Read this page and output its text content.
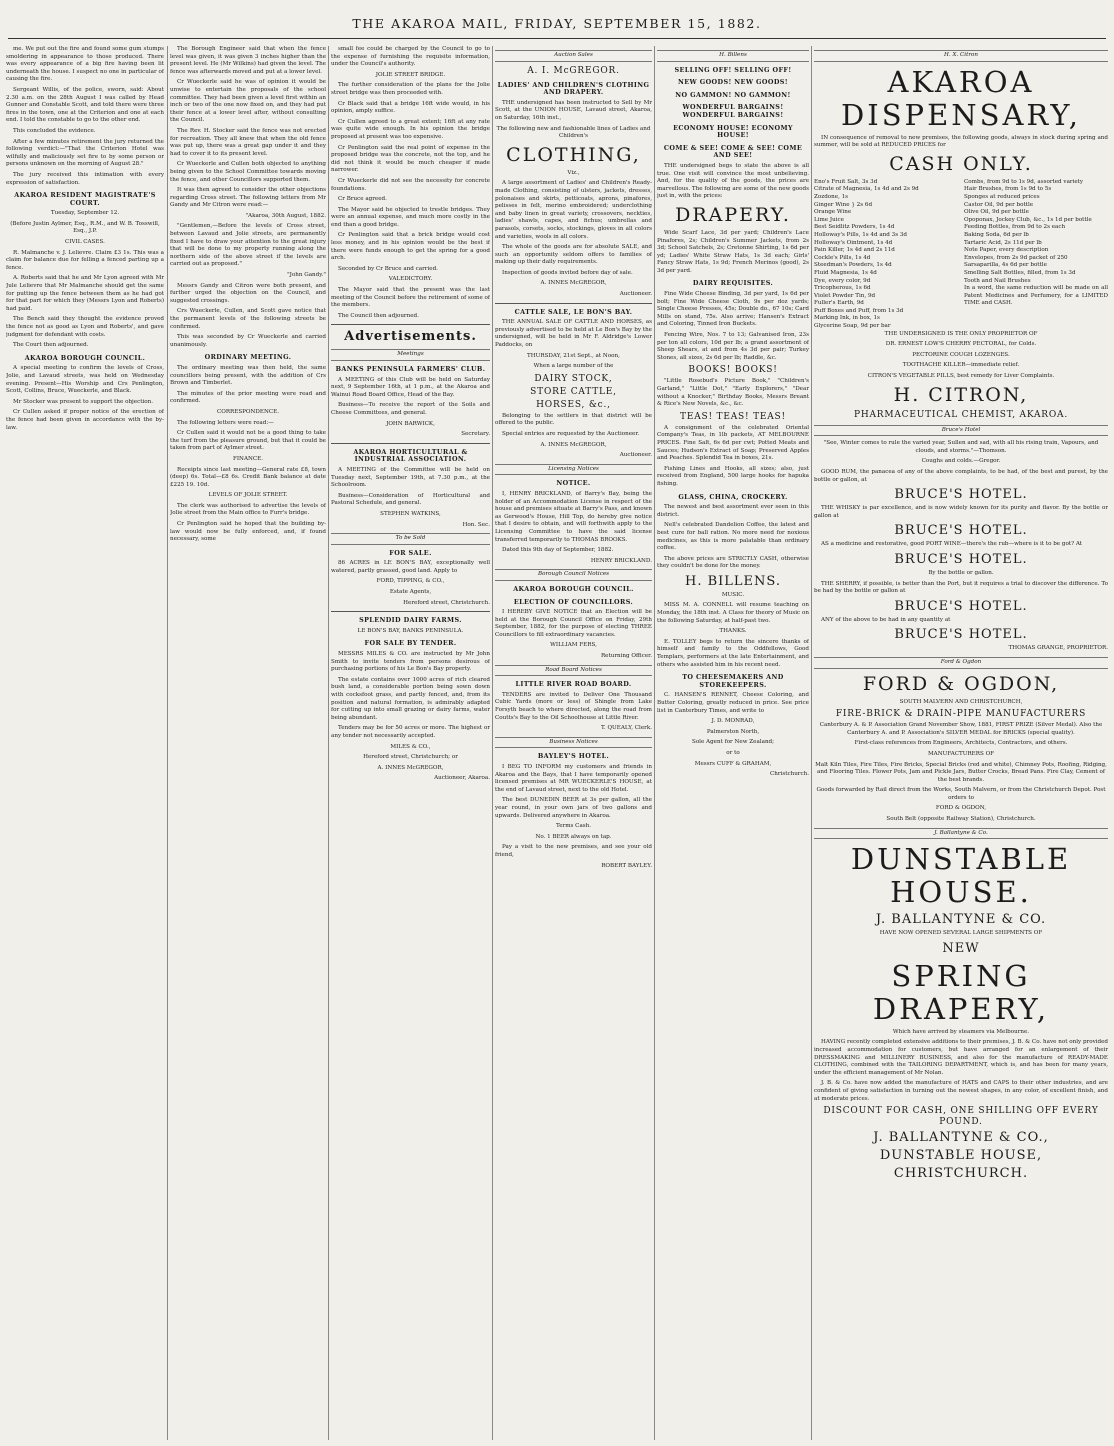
THE AKAROA MAIL, FRIDAY, SEPTEMBER 15, 1882.

me. We put out the fire and found some gum stumps smoldering in appearance to those produced. There was every appearance of a big fire having been lit underneath the house. I suspect no one in particular of causing the fire.

Sergeant Willis, of the police, sworn, said: About 2.30 a.m. on the 28th August I was called by Head Gunner and Constable Scott, and told there were three fires in the town, one at the Criterion and one at each end. I told the constable to go to the other end.

This concluded the evidence.

After a few minutes retirement the jury returned the following verdict:—"That the Criterion Hotel was wilfully and maliciously set fire to by some person or persons unknown on the morning of August 28."

The jury received this intimation with every expression of satisfaction.

AKAROA RESIDENT MAGISTRATE'S COURT.

Tuesday, September 12.

(Before Justin Aylmer, Esq., R.M., and W. B. Tosswill, Esq., J.P.

CIVIL CASES.

R. Malmanche v. J. Lelievre. Claim £3 1s. This was a claim for balance due for felling a fenced parting up a fence.

A. Roberts said that he and Mr Lyon agreed with Mr Jule Lelievre that Mr Malmanche should get the same for putting up the fence between them as he had got for that part for which they (Messrs Lyon and Roberts) had paid.

The Bench said they thought the evidence proved the fence not as good as Lyon and Roberts', and gave judgment for defendant with costs.

The Court then adjourned.

AKAROA BOROUGH COUNCIL.

A special meeting to confirm the levels of Cross, Jolie, and Lavaud streets, was held on Wednesday evening. Present—His Worship and Crs Penlington, Scott, Collins, Bruce, Wueckerle, and Black.

Mr Stocker was present to support the objection.

Cr Cullen asked if proper notice of the erection of the fence had been given in accordance with the by-law.

The Borough Engineer said that when the fence level was given, it was given 3 inches higher than the present level. He (Mr Wilkins) had given the level. The fence was afterwards moved and put at a lower level.

Cr Wueckerle said he was of opinion it would be unwise to entertain the proposals of the school committee. They had been given a level first within an inch or two of the one now fixed on, and they had put their fence at a lower level after, without consulting the Council.

The Rev. H. Stocker said the fence was not erected for recreation. They all knew that when the old fence was put up, there was a great gap under it and they had to cover it to its present level.

Cr Wueckerle and Cullen both objected to anything being given to the School Committee towards moving the fence, and other Councillors supported them.

It was then agreed to consider the other objections regarding Cross street. The following letters from Mr Gandy and Mr Citron were read:—

"Akaroa, 30th August, 1882.

"Gentlemen,—Before the levels of Cross street, between Lavaud and Jolie streets, are permanently fixed I have to draw your attention to the great injury that will be done to my property running along the northern side of the above street if the levels are carried out as proposed."

"John Gandy."

Messrs Gandy and Citron were both present, and further urged the objection on the Council, and suggested crossings.

Crs Wueckerle, Cullen, and Scott gave notice that the permanent levels of the following streets be confirmed.

This was seconded by Cr Wueckerle and carried unanimously.

ORDINARY MEETING.

The ordinary meeting was then held, the same councillors being present, with the addition of Crs Brown and Timberlet.

The minutes of the prior meeting were read and confirmed.

CORRESPONDENCE.

The following letters were read:—

Cr Cullen said it would not be a good thing to take the turf from the pleasure ground, but that it could be taken from part of Aylmer street.

FINANCE.

Receipts since last meeting—General rate £8, town (deep) 6s. Total—£8 6s. Credit Bank balance at date £225 19. 10d.

LEVELS OF JOLIE STREET.

The clerk was authorised to advertise the levels of Jolie street from the Main office to Furr's bridge.

Cr Penlington said he hoped that the building by-law would now be fully enforced, and, if found necessary, some

small fee could be charged by the Council to go to the expense of furnishing the requisite information, under the Council's authority.

JOLIE STREET BRIDGE.

The further consideration of the plans for the Jolie street bridge was then proceeded with.

Cr Black said that a bridge 16ft wide would, in his opinion, amply suffice.

Cr Cullen agreed to a great extent; 16ft at any rate was quite wide enough. In his opinion the bridge proposed at present was too expensive.

Cr Penlington said the real point of expense in the proposed bridge was the concrete, not the top, and he did not think it would be much cheaper if made narrower.

Cr Wueckerle did not see the necessity for concrete foundations.

Cr Bruce agreed.

The Mayor said he objected to trestle bridges. They were an annual expense, and much more costly in the end than a good bridge.

Cr Penlington said that a brick bridge would cost less money, and in his opinion would be the best if there were funds enough to get the spring for a good arch.

Seconded by Cr Bruce and carried.

VALEDICTORY.

The Mayor said that the present was the last meeting of the Council before the retirement of some of the members.

The Council then adjourned.

Advertisements.

Meetings

BANKS PENINSULA FARMERS' CLUB.

A MEETING of this Club will be held on Saturday next, 9 September 16th, at 1 p.m., at the Akaroa and Wainui Road Board Office, Head of the Bay.

Business—To receive the report of the Soils and Cheese Committees, and general.

JOHN BARWICK,

Secretary.

AKAROA HORTICULTURAL & INDUSTRIAL ASSOCIATION.

A MEETING of the Committee will be held on Tuesday next, September 19th, at 7.30 p.m., at the Schoolroom.

Business—Consideration of Horticultural and Pastoral Schedule, and general.

STEPHEN WATKINS,

Hon. Sec.

To be Sold

FOR SALE.

86 ACRES in LE BON'S BAY, exceptionally well watered, partly grassed, good land. Apply to

FORD, TIPPING, & CO.,

Estate Agents,

Hereford street, Christchurch.

SPLENDID DAIRY FARMS.

LE BON'S BAY, BANKS PENINSULA.

FOR SALE BY TENDER.

MESSRS MILES & CO. are instructed by Mr John Smith to invite tenders from persons desirous of purchasing portions of his Le Bon's Bay property.

The estate contains over 1000 acres of rich cleared bush land, a considerable portion being sown down with cocksfoot grass, and partly fenced, and, from its position and natural formation, is admirably adapted for cutting up into small grazing or dairy farms, water being abundant.

Tenders may be for 50 acres or more. The highest or any tender not necessarily accepted.

MILES & CO.,

Hereford street, Christchurch; or

A. INNES McGREGOR,

Auctioneer, Akaroa.

Auction Sales

A. I. McGREGOR.

LADIES' AND CHILDREN'S CLOTHING AND DRAPERY.

THE undersigned has been instructed to Sell by Mr Scott, at the UNION HOUSE, Lavaud street, Akaroa, on Saturday, 16th inst.,

The following new and fashionable lines of Ladies and Children's

CLOTHING,

Viz.,

A large assortment of Ladies' and Children's Ready-made Clothing, consisting of ulsters, jackets, dresses, polonaises and skirts, petticoats, aprons, pinafores, pelisses in felt, merino embroidered; underclothing and baby linen in great variety, crossovers, neckties, ladies' shawls, capes, and fichus; umbrellas and parasols, corsets, socks, stockings, gloves in all colors and varieties, wools in all colors.

The whole of the goods are for absolute SALE, and such an opportunity seldom offers to families of making up their daily requirements.

Inspection of goods invited before day of sale.

A. INNES McGREGOR,

Auctioneer.

CATTLE SALE, LE BON'S BAY.

THE ANNUAL SALE OF CATTLE AND HORSES, as previously advertised to be held at Le Bon's Bay by the undersigned, will be held in Mr F. Aldridge's Lower Paddocks, on

THURSDAY, 21st Sept., at Noon,

When a large number of the

DAIRY STOCK,

STORE CATTLE,

HORSES, &c.,

Belonging to the settlers in that district will be offered to the public.

Special entries are requested by the Auctioneer.

A. INNES McGREGOR,

Auctioneer.

Licensing Notices

NOTICE.

I, HENRY BRICKLAND, of Barry's Bay, being the holder of an Accommodation License in respect of the house and premises situate at Barry's Pass, and known as Gerwood's House, Hill Top, do hereby give notice that I desire to obtain, and will forthwith apply to the Licensing Committee to have the said license transferred temporarily to THOMAS BROOKS.

Dated this 9th day of September, 1882.

HENRY BRICKLAND.

Borough Council Notices

AKAROA BOROUGH COUNCIL.

ELECTION OF COUNCILLORS.

I HEREBY GIVE NOTICE that an Election will be held at the Borough Council Office on Friday, 29th September, 1882, for the purpose of electing THREE Councillors to fill extraordinary vacancies.

WILLIAM FERS,

Returning Officer.

Road Board Notices

LITTLE RIVER ROAD BOARD.

TENDERS are invited to Deliver One Thousand Cubic Yards (more or less) of Shingle from Lake Forsyth beach to where directed, along the road from Coutts's Bay to the Oil Schoolhouse at Little River.

T. QUEALY, Clerk.

Business Notices

BAYLEY'S HOTEL.

I BEG TO INFORM my customers and friends in Akaroa and the Bays, that I have temporarily opened licensed premises at MR WUECKERLE'S HOUSE, at the end of Lavaud street, next to the old Hotel.

The best DUNEDIN BEER at 3s per gallon, all the year round, in your own jars of two gallons and upwards. Delivered anywhere in Akaroa.

Terms Cash.

No. 1 BEER always on tap.

Pay a visit to the new premises, and see your old friend,

ROBERT BAYLEY.

H. Billens

SELLING OFF! SELLING OFF!

NEW GOODS! NEW GOODS!

NO GAMMON! NO GAMMON!

WONDERFUL BARGAINS! WONDERFUL BARGAINS!

ECONOMY HOUSE! ECONOMY HOUSE!

COME & SEE! COME & SEE! COME AND SEE!

THE undersigned begs to state the above is all true. One visit will convince the most unbelieving. And, for the quality of the goods, the prices are marvellous. The following are some of the new goods just in, with the prices:

DRAPERY.

Wide Scarf Lace, 3d per yard; Children's Lace Pinafores, 2s; Children's Summer Jackets, from 2s 3d; School Satchels, 2s; Cretonne Shirting, 1s 6d per yd; Ladies' White Straw Hats, 1s 3d each; Girls' Fancy Straw Hats, 1s 9d; French Merinos (good), 2s 3d per yard.

DAIRY REQUISITES.

Fine Wide Cheese Binding, 3d per yard, 1s 6d per bolt; Fine Wide Cheese Cloth, 9s per doz yards; Single Cheese Presses, 45s; Double do., 67 10s; Card Mills on stand, 75s. Also arrive; Hansen's Extract and Coloring, Tinned Iron Buckets.

Fencing Wire, Nos. 7 to 13; Galvanised Iron, 23s per ton all colors, 10d per lb; a grand assortment of Sheep Shears, at and from 4s 3d per pair; Turkey Stones, all sizes, 2s 6d per lb; Raddle, &c.

BOOKS! BOOKS!

"Little Rosebud's Picture Book," "Children's Garland," "Little Dot," "Early Explorers," "Dear without a Knocker," Birthday Books, Messrs Breant & Rice's New Novels, &c., &c.

TEAS! TEAS! TEAS!

A consignment of the celebrated Oriental Company's Teas, in 1lb packets, AT MELBOURNE PRICES. Fine Salt, 6s 6d per cwt; Potted Meats and Sauces; Hudson's Extract of Soap; Preserved Apples and Peaches. Splendid Tea in boxes, 21s.

Fishing Lines and Hooks, all sizes; also, just received from England, 500 large hooks for hapuka fishing.

GLASS, CHINA, CROCKERY.

The newest and best assortment ever seen in this district.

Nell's celebrated Dandelion Coffee, the latest and best cure for ball ration. No more need for noxious medicines, as this is more palatable than ordinary coffee.

The above prices are STRICTLY CASH, otherwise they couldn't be done for the money.

H. BILLENS.

MUSIC.

MISS M. A. CONNELL will resume teaching on Monday, the 18th inst. A Class for theory of Music on the following Saturday, at half-past two.

THANKS.

E. TOLLEY begs to return the sincere thanks of himself and family to the Oddfellows, Good Templars, performers at the late Entertainment, and others who assisted him in his recent need.

TO CHEESEMAKERS AND STOREKEEPERS.

C. HANSEN'S RENNET, Cheese Coloring, and Butter Coloring, greatly reduced in price. See price list in Canterbury Times, and write to

J. D. MONRAD,

Palmerston North,

Sole Agent for New Zealand;

or to

Messrs CUFF & GRAHAM,

Christchurch.

H. X. Citron

AKAROA DISPENSARY,

IN consequence of removal to new premises, the following goods, always in stock during spring and summer, will be sold at REDUCED PRICES for

CASH ONLY.

Eno's Fruit Salt, 3s 3d
Citrate of Magnesia, 1s 4d and 2s 9d
Zozdone, 1s
Ginger Wine } 2s 6d
Orange Wine
Lime Juice
Best Seidlitz Powders, 1s 4d
Holloway's Pills, 1s 4d and 3s 3d
Holloway's Ointment, 1s 4d
Pain Killer, 1s 4d and 2s 11d
Cockle's Pills, 1s 4d
Steedman's Powders, 1s 4d
Fluid Magnesia, 1s 4d
Dye, every color, 9d
Tricopherous, 1s 6d
Violet Powder Tin, 9d
Fuller's Earth, 9d
Puff Boxes and Puff, from 1s 3d
Marking Ink, in box, 1s
Glycerine Soap, 9d per bar
Combs, from 9d to 1s 9d, assorted variety
Hair Brushes, from 1s 9d to 5s
Sponges at reduced prices
Castor Oil, 9d per bottle
Olive Oil, 9d per bottle
Opoponax, Jockey Club, &c., 1s 1d per bottle
Feeding Bottles, from 9d to 2s each
Baking Soda, 6d per lb
Tartaric Acid, 2s 11d per lb
Note Paper, every description
Envelopes, from 2s 9d packet of 250
Sarsaparilla, 4s 6d per bottle
Smelling Salt Bottles, filled, from 1s 3d
Tooth and Nail Brushes
In a word, the same reduction will be made on all Patent Medicines and Perfumery, for a LIMITED TIME and CASH.

THE UNDERSIGNED IS THE ONLY PROPRIETOR OF

DR. ERNEST LOW'S CHERRY PECTORAL, for Colds.

PECTORINE COUGH LOZENGES.

TOOTHACHE KILLER—immediate relief.

CITRON'S VEGETABLE PILLS, best remedy for Liver Complaints.

H. CITRON,

PHARMACEUTICAL CHEMIST, AKAROA.

Bruce's Hotel

"See, Winter comes to rule the varied year, Sullen and sad, with all his rising train, Vapours, and clouds, and storms."—Thomson.

Coughs and colds.—Gregor.

GOOD RUM, the panacea of any of the above complaints, to be had, of the best and purest, by the bottle or gallon, at

BRUCE'S HOTEL.

THE WHISKY is par excellence, and is now widely known for its purity and flavor. By the bottle or gallon at

BRUCE'S HOTEL.

AS a medicine and restorative, good PORT WINE—there's the rub—where is it to be got? At

BRUCE'S HOTEL.

By the bottle or gallon.

THE SHERRY, if possible, is better than the Port, but it requires a trial to discover the difference. To be had by the bottle or gallon at

BRUCE'S HOTEL.

ANY of the above to be had in any quantity at

BRUCE'S HOTEL.

THOMAS GRANGE, PROPRIETOR.

Ford & Ogdon

FORD & OGDON,

SOUTH MALVERN AND CHRISTCHURCH,

FIRE-BRICK & DRAIN-PIPE MANUFACTURERS

Canterbury A. & P. Association Grand November Show, 1881, FIRST PRIZE (Silver Medal). Also the Canterbury A. and P. Association's SILVER MEDAL for BRICKS (special quality).

First-class references from Engineers, Architects, Contractors, and others.

MANUFACTURERS OF

Malt Kiln Tiles, Fire Tiles, Fire Bricks, Special Bricks (red and white), Chimney Pots, Roofing, Ridging, and Flooring Tiles. Flower Pots, Jam and Pickle Jars, Butter Crocks, Bread Pans. Fire Clay, Cement of the best brands.

Goods forwarded by Rail direct from the Works, South Malvern, or from the Christchurch Depot. Post orders to

FORD & OGDON,

South Belt (opposite Railway Station), Christchurch.

J. Ballantyne & Co.

DUNSTABLE HOUSE.

J. BALLANTYNE & CO.

HAVE NOW OPENED SEVERAL LARGE SHIPMENTS OF

NEW

SPRING DRAPERY,

Which have arrived by steamers via Melbourne.

HAVING recently completed extensive additions to their premises, J. B. & Co. have not only provided increased accommodation for customers, but have arranged for an enlargement of their DRESSMAKING and MILLINERY BUSINESS, and also for the manufacture of READY-MADE CLOTHING, combined with the TAILORING DEPARTMENT, which is, and has been for many years, under the efficient management of Mr Nolan.

J. B. & Co. have now added the manufacture of HATS and CAPS to their other industries, and are confident of giving satisfaction in turning out the newest shapes, in any color, of excellent finish, and at moderate prices.

DISCOUNT FOR CASH, ONE SHILLING OFF EVERY POUND.

J. BALLANTYNE & CO.,

DUNSTABLE HOUSE,

CHRISTCHURCH.
